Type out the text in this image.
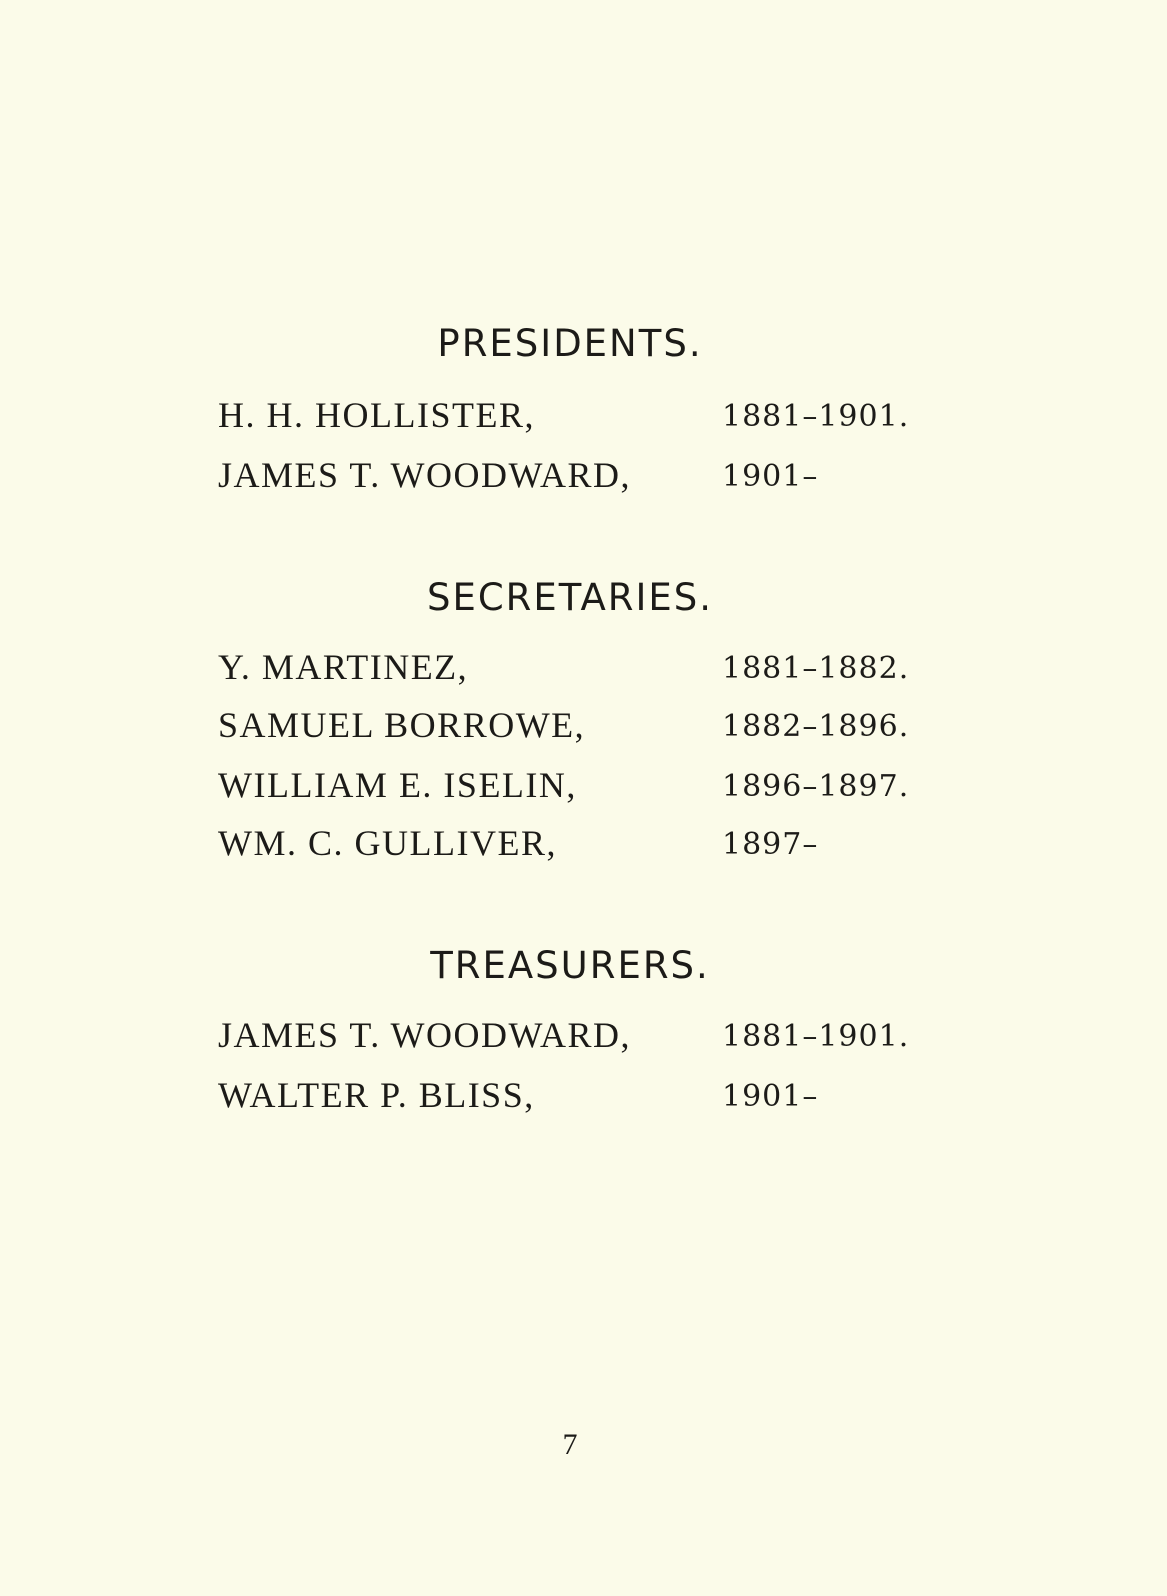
PRESIDENTS.
H. H. HOLLISTER,	1881–1901.
JAMES T. WOODWARD,	1901–
SECRETARIES.
Y. MARTINEZ,	1881–1882.
SAMUEL BORROWE,	1882–1896.
WILLIAM E. ISELIN,	1896–1897.
WM. C. GULLIVER,	1897–
TREASURERS.
JAMES T. WOODWARD,	1881–1901.
WALTER P. BLISS,	1901–
7
